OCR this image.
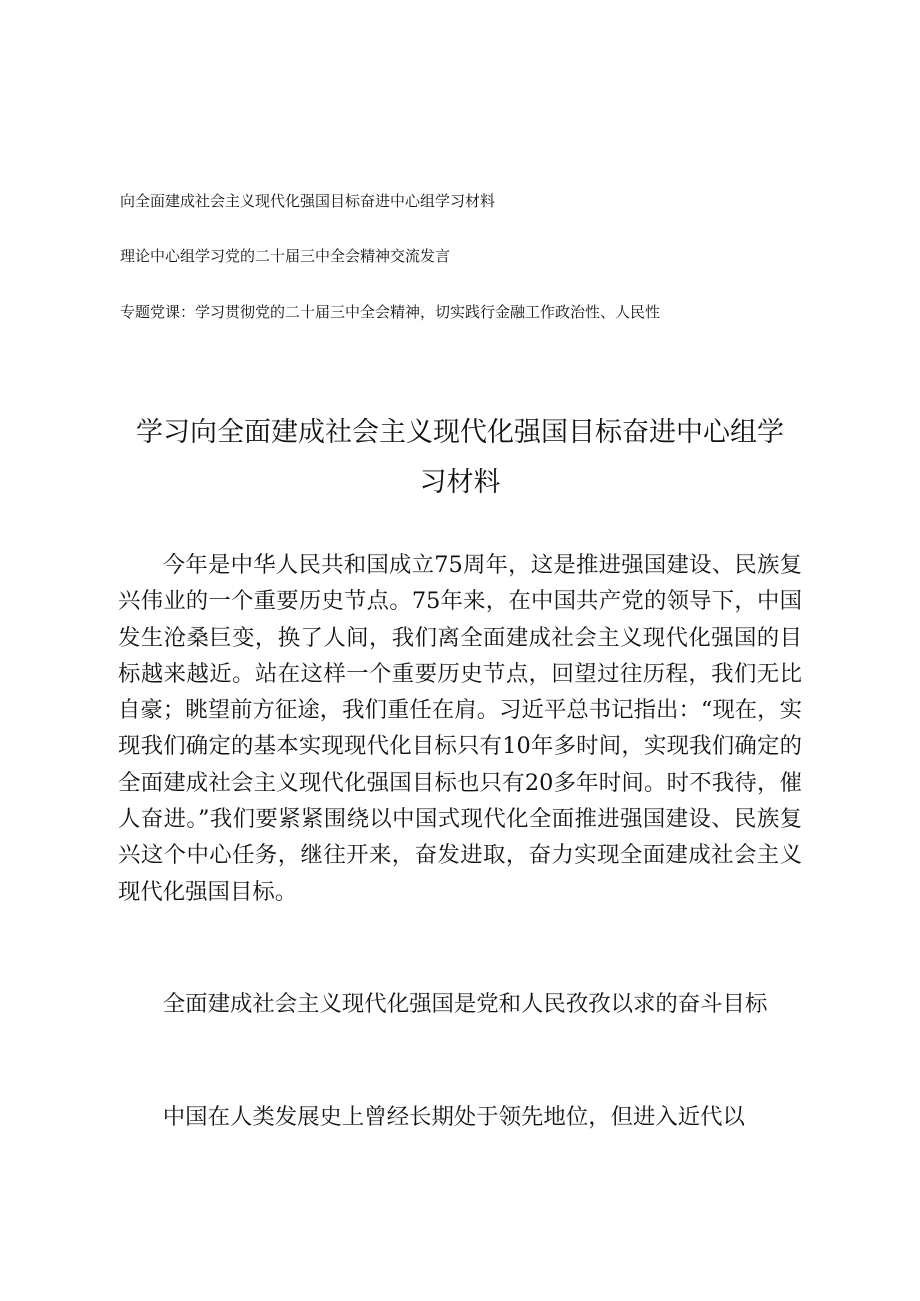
向全面建成社会主义现代化强国目标奋进中心组学习材料
理论中心组学习党的二十届三中全会精神交流发言
专题党课：学习贯彻党的二十届三中全会精神，切实践行金融工作政治性、人民性
学习向全面建成社会主义现代化强国目标奋进中心组学
习材料

今年是中华人民共和国成立75周年，这是推进强国建设、民族复兴伟业的一个重要历史节点。75年来，在中国共产党的领导下，中国发生沧桑巨变，换了人间，我们离全面建成社会主义现代化强国的目标越来越近。站在这样一个重要历史节点，回望过往历程，我们无比自豪；眺望前方征途，我们重任在肩。习近平总书记指出：“现在，实现我们确定的基本实现现代化目标只有10年多时间，实现我们确定的全面建成社会主义现代化强国目标也只有20多年时间。时不我待，催人奋进。”我们要紧紧围绕以中国式现代化全面推进强国建设、民族复兴这个中心任务，继往开来，奋发进取，奋力实现全面建成社会主义现代化强国目标。

全面建成社会主义现代化强国是党和人民孜孜以求的奋斗目标

中国在人类发展史上曾经长期处于领先地位，但进入近代以
